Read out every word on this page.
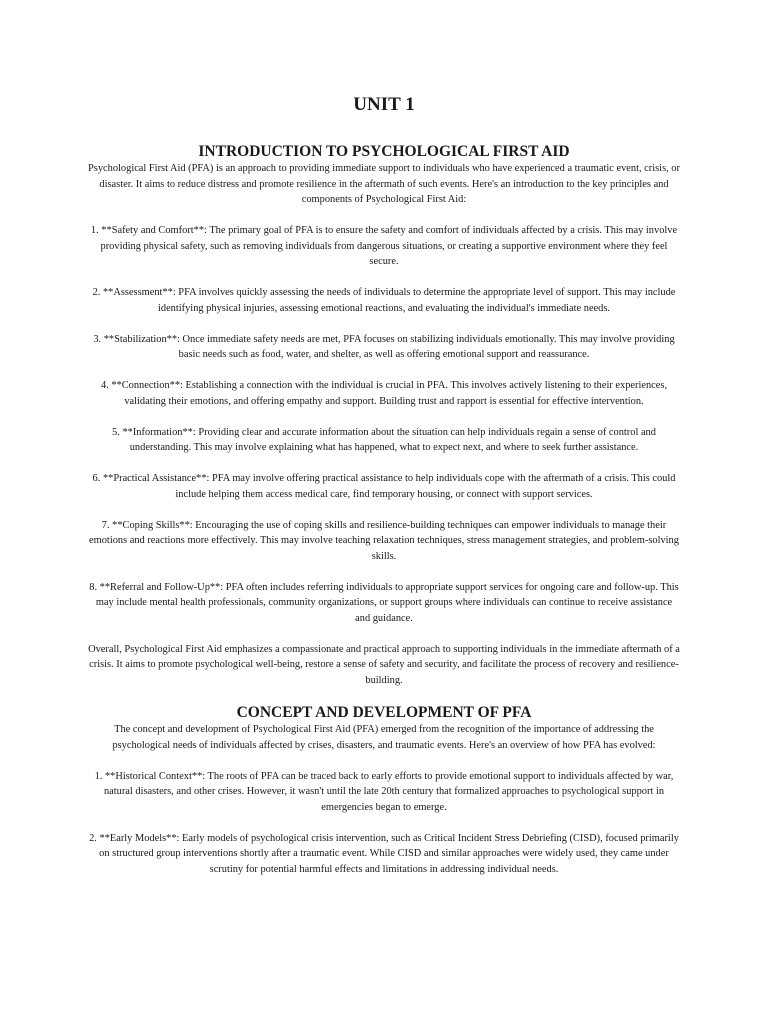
UNIT 1
INTRODUCTION TO PSYCHOLOGICAL FIRST AID

Psychological First Aid (PFA) is an approach to providing immediate support to individuals who have experienced a traumatic event, crisis, or disaster. It aims to reduce distress and promote resilience in the aftermath of such events. Here's an introduction to the key principles and components of Psychological First Aid:

1. **Safety and Comfort**: The primary goal of PFA is to ensure the safety and comfort of individuals affected by a crisis. This may involve providing physical safety, such as removing individuals from dangerous situations, or creating a supportive environment where they feel secure.

2. **Assessment**: PFA involves quickly assessing the needs of individuals to determine the appropriate level of support. This may include identifying physical injuries, assessing emotional reactions, and evaluating the individual's immediate needs.

3. **Stabilization**: Once immediate safety needs are met, PFA focuses on stabilizing individuals emotionally. This may involve providing basic needs such as food, water, and shelter, as well as offering emotional support and reassurance.

4. **Connection**: Establishing a connection with the individual is crucial in PFA. This involves actively listening to their experiences, validating their emotions, and offering empathy and support. Building trust and rapport is essential for effective intervention.

5. **Information**: Providing clear and accurate information about the situation can help individuals regain a sense of control and understanding. This may involve explaining what has happened, what to expect next, and where to seek further assistance.

6. **Practical Assistance**: PFA may involve offering practical assistance to help individuals cope with the aftermath of a crisis. This could include helping them access medical care, find temporary housing, or connect with support services.

7. **Coping Skills**: Encouraging the use of coping skills and resilience-building techniques can empower individuals to manage their emotions and reactions more effectively. This may involve teaching relaxation techniques, stress management strategies, and problem-solving skills.

8. **Referral and Follow-Up**: PFA often includes referring individuals to appropriate support services for ongoing care and follow-up. This may include mental health professionals, community organizations, or support groups where individuals can continue to receive assistance and guidance.

Overall, Psychological First Aid emphasizes a compassionate and practical approach to supporting individuals in the immediate aftermath of a crisis. It aims to promote psychological well-being, restore a sense of safety and security, and facilitate the process of recovery and resilience-building.

CONCEPT AND DEVELOPMENT OF PFA

The concept and development of Psychological First Aid (PFA) emerged from the recognition of the importance of addressing the psychological needs of individuals affected by crises, disasters, and traumatic events. Here's an overview of how PFA has evolved:

1. **Historical Context**: The roots of PFA can be traced back to early efforts to provide emotional support to individuals affected by war, natural disasters, and other crises. However, it wasn't until the late 20th century that formalized approaches to psychological support in emergencies began to emerge.

2. **Early Models**: Early models of psychological crisis intervention, such as Critical Incident Stress Debriefing (CISD), focused primarily on structured group interventions shortly after a traumatic event. While CISD and similar approaches were widely used, they came under scrutiny for potential harmful effects and limitations in addressing individual needs.
